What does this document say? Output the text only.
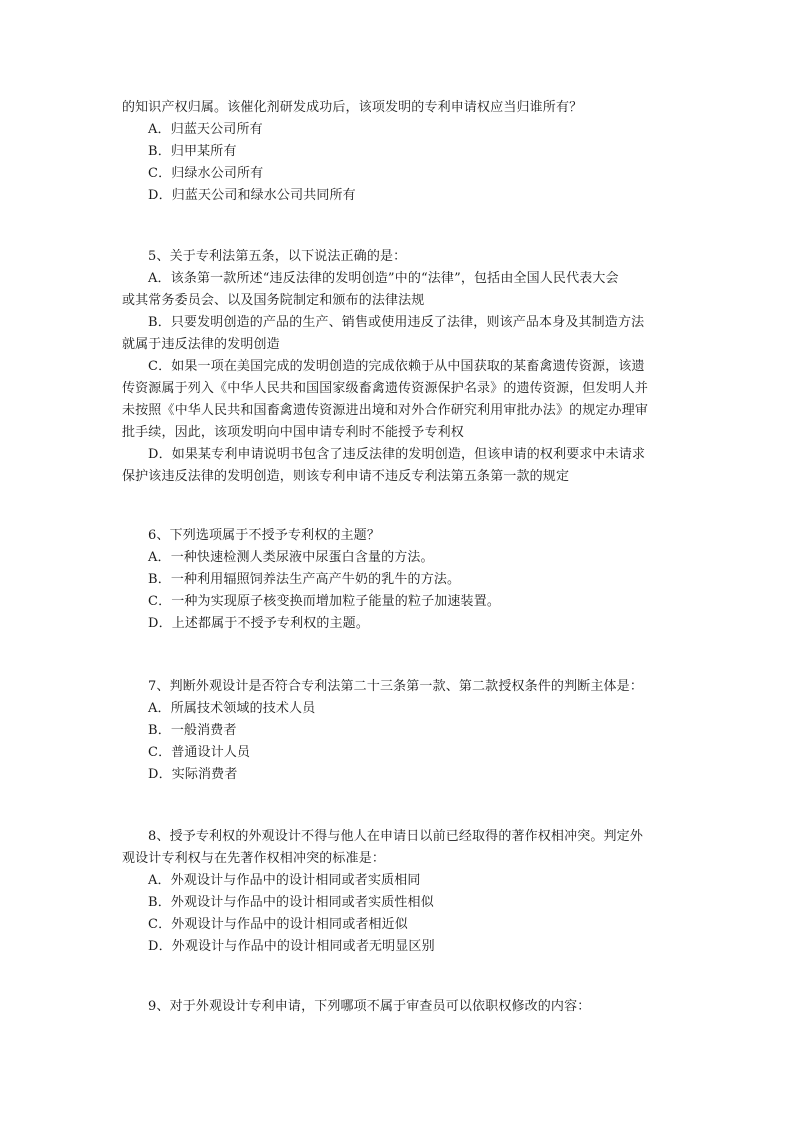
的知识产权归属。该催化剂研发成功后，该项发明的专利申请权应当归谁所有？
A．归蓝天公司所有
B．归甲某所有
C．归绿水公司所有
D．归蓝天公司和绿水公司共同所有
5、关于专利法第五条，以下说法正确的是：
A．该条第一款所述“违反法律的发明创造”中的“法律”，包括由全国人民代表大会
或其常务委员会、以及国务院制定和颁布的法律法规
B．只要发明创造的产品的生产、销售或使用违反了法律，则该产品本身及其制造方法
就属于违反法律的发明创造
C．如果一项在美国完成的发明创造的完成依赖于从中国获取的某畜禽遗传资源，该遗
传资源属于列入《中华人民共和国国家级畜禽遗传资源保护名录》的遗传资源，但发明人并
未按照《中华人民共和国畜禽遗传资源进出境和对外合作研究利用审批办法》的规定办理审
批手续，因此，该项发明向中国申请专利时不能授予专利权
D．如果某专利申请说明书包含了违反法律的发明创造，但该申请的权利要求中未请求
保护该违反法律的发明创造，则该专利申请不违反专利法第五条第一款的规定
6、下列选项属于不授予专利权的主题？
A．一种快速检测人类尿液中尿蛋白含量的方法。
B．一种利用辐照饲养法生产高产牛奶的乳牛的方法。
C．一种为实现原子核变换而增加粒子能量的粒子加速装置。
D．上述都属于不授予专利权的主题。
7、判断外观设计是否符合专利法第二十三条第一款、第二款授权条件的判断主体是：
A．所属技术领域的技术人员
B．一般消费者
C．普通设计人员
D．实际消费者
8、授予专利权的外观设计不得与他人在申请日以前已经取得的著作权相冲突。判定外
观设计专利权与在先著作权相冲突的标准是：
A．外观设计与作品中的设计相同或者实质相同
B．外观设计与作品中的设计相同或者实质性相似
C．外观设计与作品中的设计相同或者相近似
D．外观设计与作品中的设计相同或者无明显区别
9、对于外观设计专利申请，下列哪项不属于审查员可以依职权修改的内容：
